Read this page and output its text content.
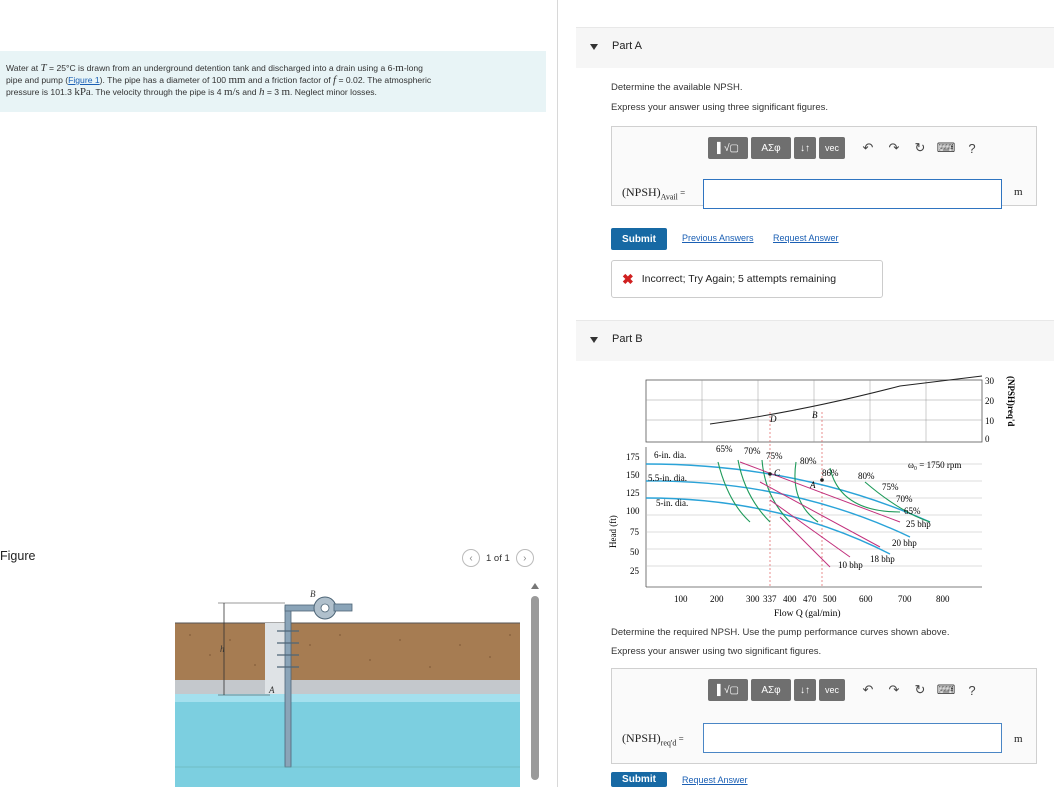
Water at T = 25°C is drawn from an underground detention tank and discharged into a drain using a 6-m-long
pipe and pump (Figure 1). The pipe has a diameter of 100 mm and a friction factor of f = 0.02. The atmospheric
pressure is 101.3 kPa. The velocity through the pipe is 4 m/s and h = 3 m. Neglect minor losses.
Figure	‹	1 of 1	›
h
B
A
Part A
Determine the available NPSH.
Express your answer using three significant figures.
▌√▢	ΑΣφ	↓↑	vec	↶	↷	↻ ⌨	?
$(NPSH)_{Avail}$ =	m
Submit	Previous Answers Request Answer
✖ Incorrect; Try Again; 5 attempts remaining
Part B
D	B
30
20
10
0
(NPSH)req'd
C
A
175
150
125
100
75
50
25
Head (ft)
100	200	300 337 400 470 500	600	700	800
Flow Q (gal/min)
6-in. dia.
5.5-in. dia.
5-in. dia.
65% 70% 75% 80%
86% 80%
75%
70%
65%
ω₀ = 1750 rpm
25 bhp
20 bhp
18 bhp
10 bhp
Determine the required NPSH. Use the pump performance curves shown above.
Express your answer using two significant figures.
▌√▢	ΑΣφ	↓↑	vec	↶	↷	↻ ⌨	?
$(NPSH)_{req'd}$ =	m
Submit	Request Answer
